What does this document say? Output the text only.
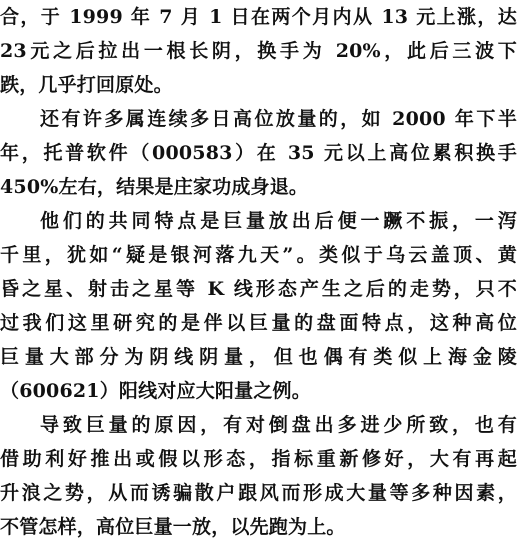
合，于 1999 年 7 月 1 日在两个月内从 13 元上涨，达
23元之后拉出一根长阴，换手为 20%，此后三波下
跌，几乎打回原处。
还有许多属连续多日高位放量的，如 2000 年下半
年，托普软件（000583）在 35 元以上高位累积换手
450%左右，结果是庄家功成身退。
他们的共同特点是巨量放出后便一蹶不振，一泻
千里，犹如“疑是银河落九天”。类似于乌云盖顶、黄
昏之星、射击之星等 K 线形态产生之后的走势，只不
过我们这里研究的是伴以巨量的盘面特点，这种高位
巨量大部分为阴线阴量，但也偶有类似上海金陵
（600621）阳线对应大阳量之例。
导致巨量的原因，有对倒盘出多进少所致，也有
借助利好推出或假以形态，指标重新修好，大有再起
升浪之势，从而诱骗散户跟风而形成大量等多种因素，
不管怎样，高位巨量一放，以先跑为上。
